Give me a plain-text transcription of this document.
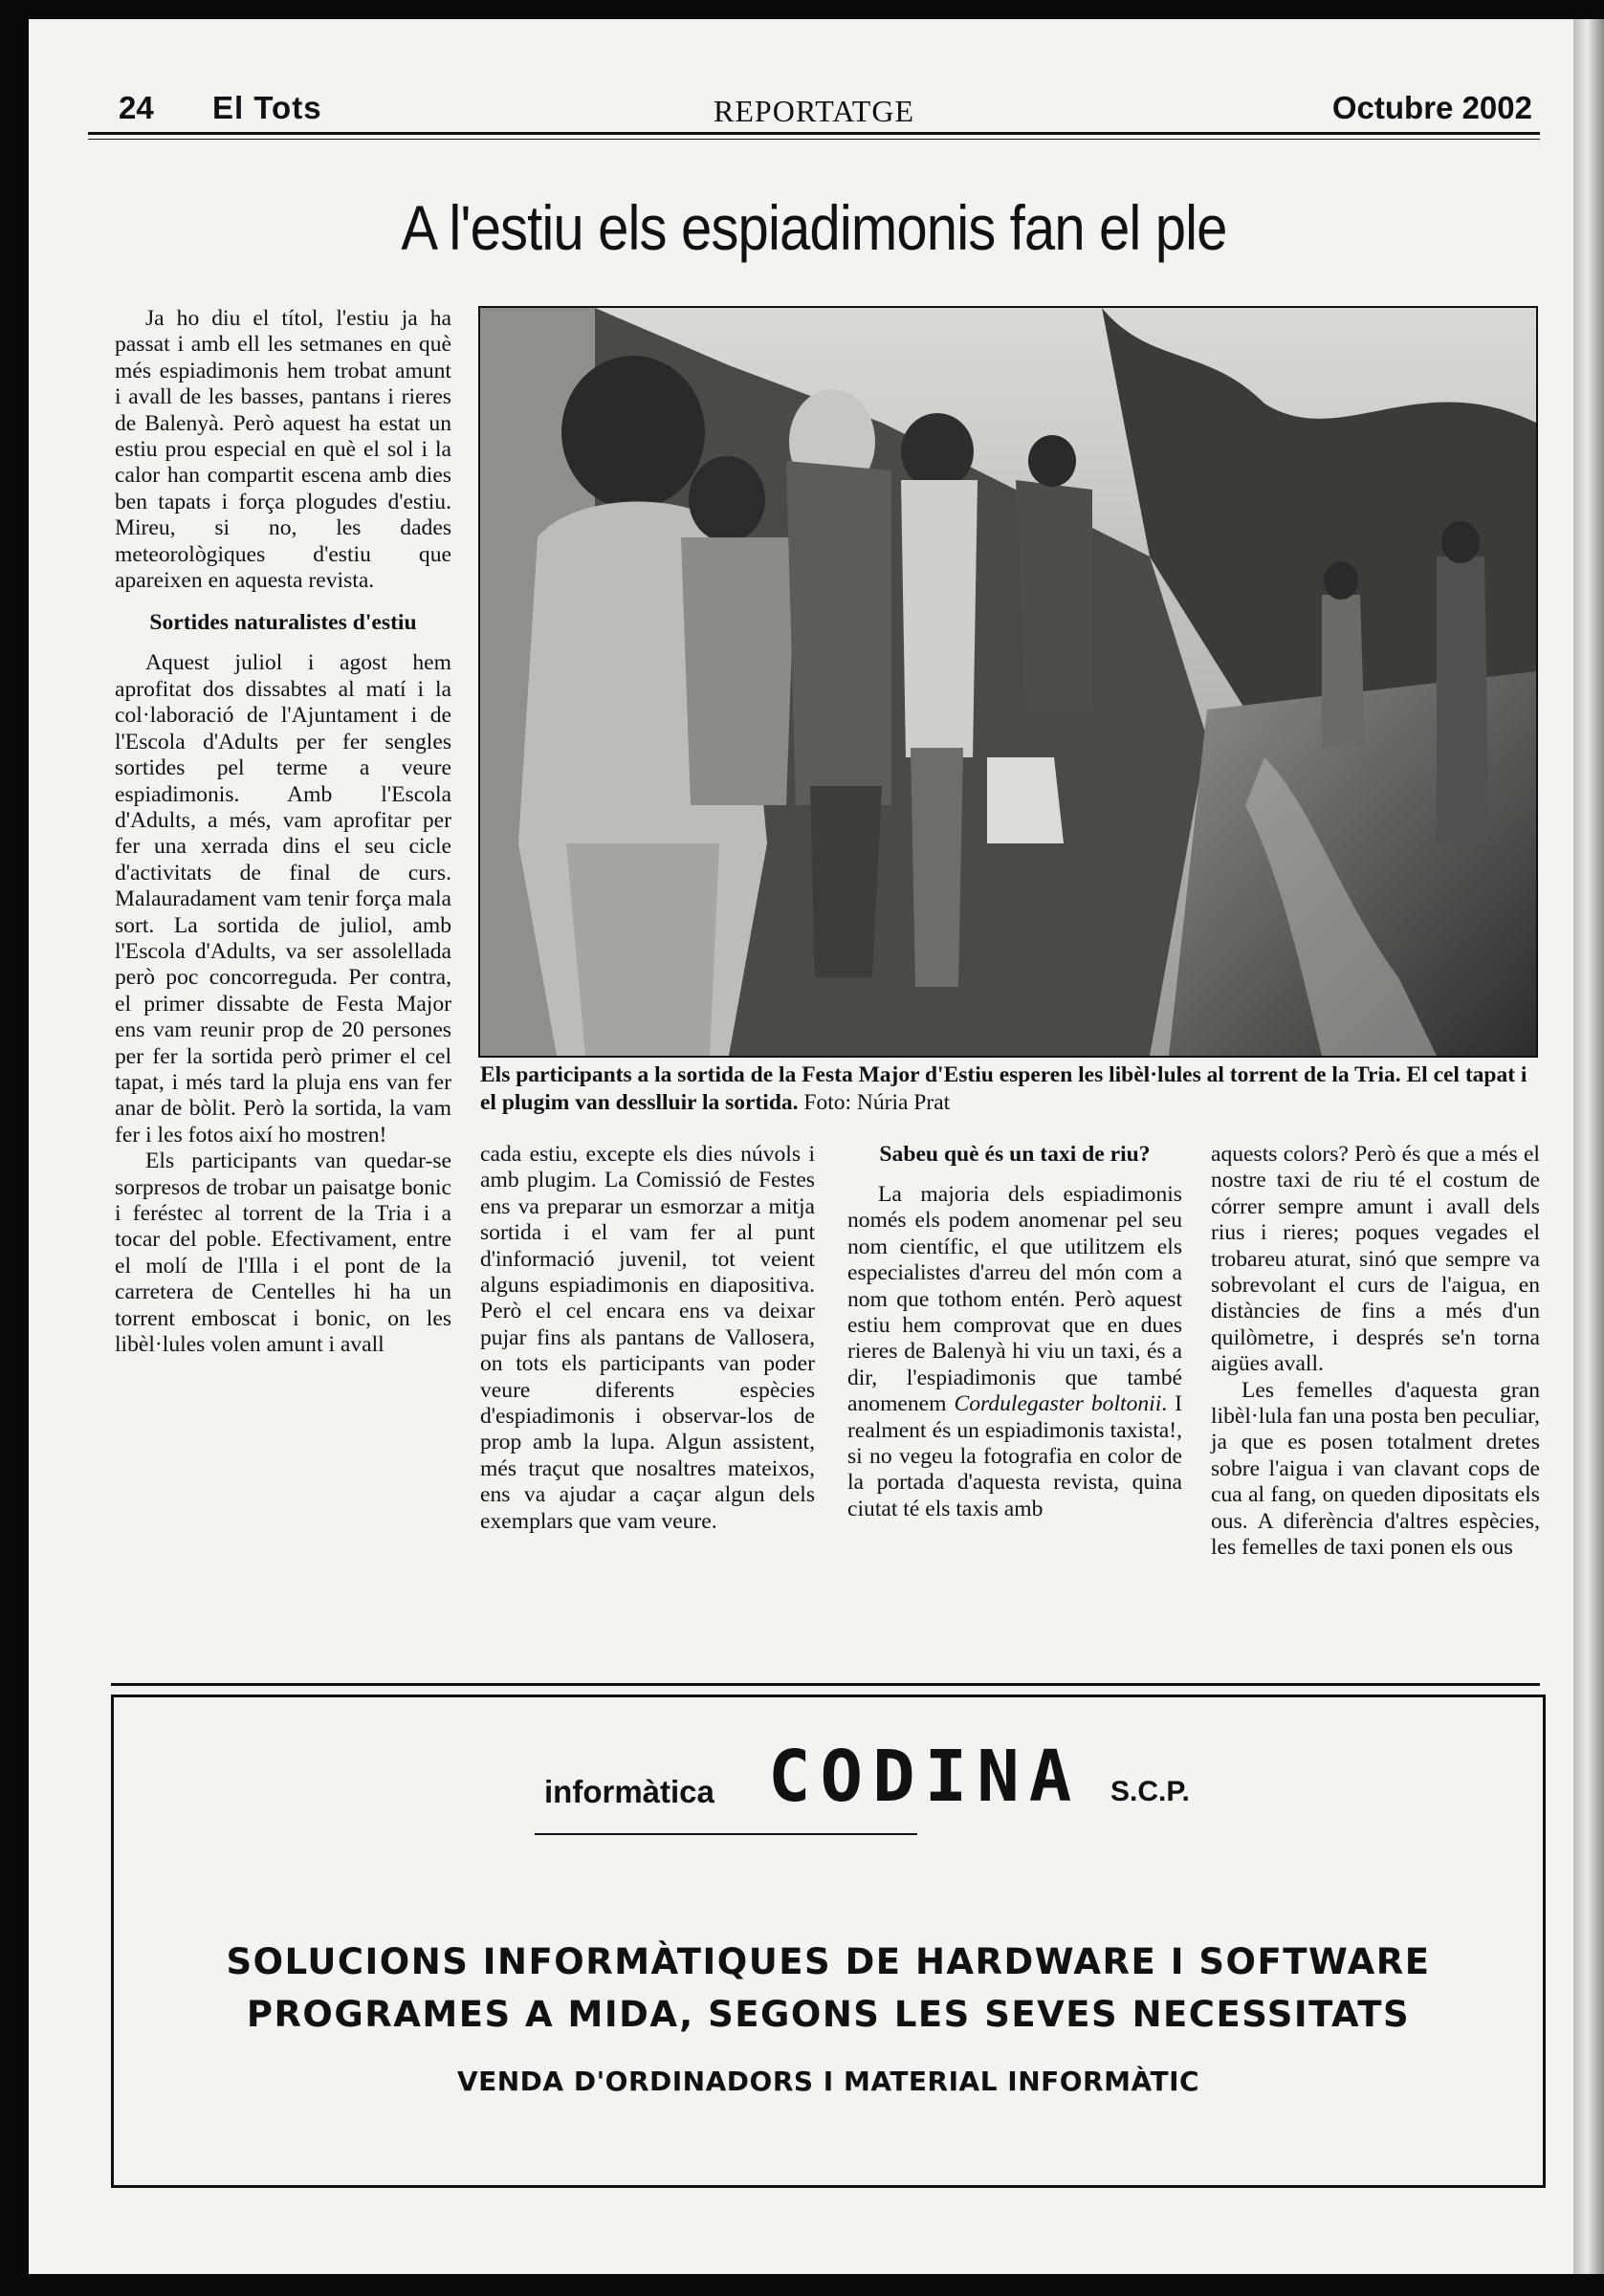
24 El Tots	REPORTATGE	Octubre 2002
A l'estiu els espiadimonis fan el ple

Ja ho diu el títol, l'estiu ja ha passat i amb ell les setmanes en què més espiadimonis hem trobat amunt i avall de les basses, pantans i rieres de Balenyà. Però aquest ha estat un estiu prou especial en què el sol i la calor han compartit escena amb dies ben tapats i força plogudes d'estiu. Mireu, si no, les dades meteorològiques d'estiu que apareixen en aquesta revista.

Sortides naturalistes d'estiu

Aquest juliol i agost hem aprofitat dos dissabtes al matí i la col·laboració de l'Ajuntament i de l'Escola d'Adults per fer sengles sortides pel terme a veure espiadimonis. Amb l'Escola d'Adults, a més, vam aprofitar per fer una xerrada dins el seu cicle d'activitats de final de curs. Malauradament vam tenir força mala sort. La sortida de juliol, amb l'Escola d'Adults, va ser assolellada però poc concorreguda. Per contra, el primer dissabte de Festa Major ens vam reunir prop de 20 persones per fer la sortida però primer el cel tapat, i més tard la pluja ens van fer anar de bòlit. Però la sortida, la vam fer i les fotos així ho mostren!

Els participants van quedar-se sorpresos de trobar un paisatge bonic i feréstec al torrent de la Tria i a tocar del poble. Efectivament, entre el molí de l'Illa i el pont de la carretera de Centelles hi ha un torrent emboscat i bonic, on les libèl·lules volen amunt i avall

Els participants a la sortida de la Festa Major d'Estiu esperen les libèl·lules al torrent de la Tria. El cel tapat i el plugim van desslluir la sortida. Foto: Núria Prat

cada estiu, excepte els dies núvols i amb plugim. La Comissió de Festes ens va preparar un esmorzar a mitja sortida i el vam fer al punt d'informació juvenil, tot veient alguns espiadimonis en diapositiva. Però el cel encara ens va deixar pujar fins als pantans de Vallosera, on tots els participants van poder veure diferents espècies d'espiadimonis i observar-los de prop amb la lupa. Algun assistent, més traçut que nosaltres mateixos, ens va ajudar a caçar algun dels exemplars que vam veure.

Sabeu què és un taxi de riu?

La majoria dels espiadimonis només els podem anomenar pel seu nom científic, el que utilitzem els especialistes d'arreu del món com a nom que tothom entén. Però aquest estiu hem comprovat que en dues rieres de Balenyà hi viu un taxi, és a dir, l'espiadimonis que també anomenem Cordulegaster boltonii. I realment és un espiadimonis taxista!, si no vegeu la fotografia en color de la portada d'aquesta revista, quina ciutat té els taxis amb

aquests colors? Però és que a més el nostre taxi de riu té el costum de córrer sempre amunt i avall dels rius i rieres; poques vegades el trobareu aturat, sinó que sempre va sobrevolant el curs de l'aigua, en distàncies de fins a més d'un quilòmetre, i després se'n torna aigües avall.

Les femelles d'aquesta gran libèl·lula fan una posta ben peculiar, ja que es posen totalment dretes sobre l'aigua i van clavant cops de cua al fang, on queden dipositats els ous. A diferència d'altres espècies, les femelles de taxi ponen els ous

informàtica CODINA S.C.P.
SOLUCIONS INFORMÀTIQUES DE HARDWARE I SOFTWARE
PROGRAMES A MIDA, SEGONS LES SEVES NECESSITATS
VENDA D'ORDINADORS I MATERIAL INFORMÀTIC
